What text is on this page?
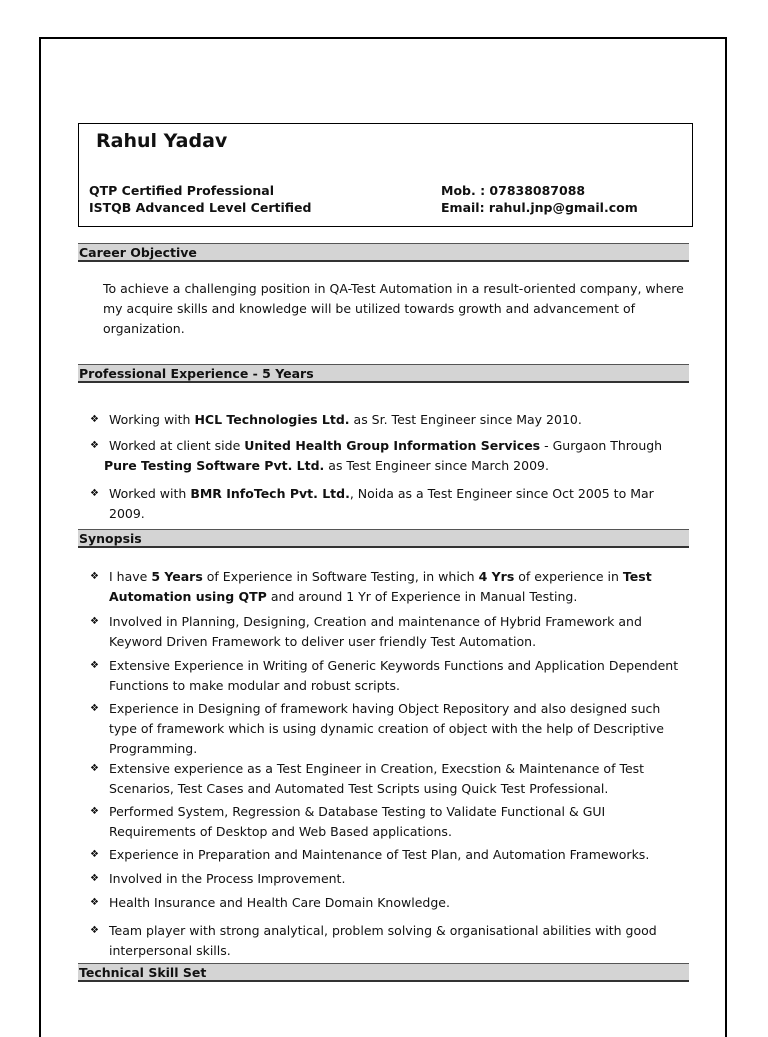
Rahul Yadav
QTP Certified Professional
ISTQB Advanced Level Certified
Mob. : 07838087088
Email: rahul.jnp@gmail.com
Career Objective
To achieve a challenging position in QA-Test Automation in a result-oriented company, where my acquire skills and knowledge will be utilized towards growth and advancement of organization.
Professional Experience - 5 Years
❖ Working with HCL Technologies Ltd. as Sr. Test Engineer since May 2010.
❖ Worked at client side United Health Group Information Services - Gurgaon Through
Pure Testing Software Pvt. Ltd. as Test Engineer since March 2009.
❖ Worked with BMR InfoTech Pvt. Ltd., Noida as a Test Engineer since Oct 2005 to Mar 2009.
Synopsis
❖ I have 5 Years of Experience in Software Testing, in which 4 Yrs of experience in Test Automation using QTP and around 1 Yr of Experience in Manual Testing.
❖ Involved in Planning, Designing, Creation and maintenance of Hybrid Framework and Keyword Driven Framework to deliver user friendly Test Automation.
❖ Extensive Experience in Writing of Generic Keywords Functions and Application Dependent Functions to make modular and robust scripts.
❖ Experience in Designing of framework having Object Repository and also designed such type of framework which is using dynamic creation of object with the help of Descriptive Programming.
❖ Extensive experience as a Test Engineer in Creation, Execstion & Maintenance of Test Scenarios, Test Cases and Automated Test Scripts using Quick Test Professional.
❖ Performed System, Regression & Database Testing to Validate Functional & GUI Requirements of Desktop and Web Based applications.
❖ Experience in Preparation and Maintenance of Test Plan, and Automation Frameworks.
❖ Involved in the Process Improvement.
❖ Health Insurance and Health Care Domain Knowledge.
❖ Team player with strong analytical, problem solving & organisational abilities with good interpersonal skills.
Technical Skill Set
